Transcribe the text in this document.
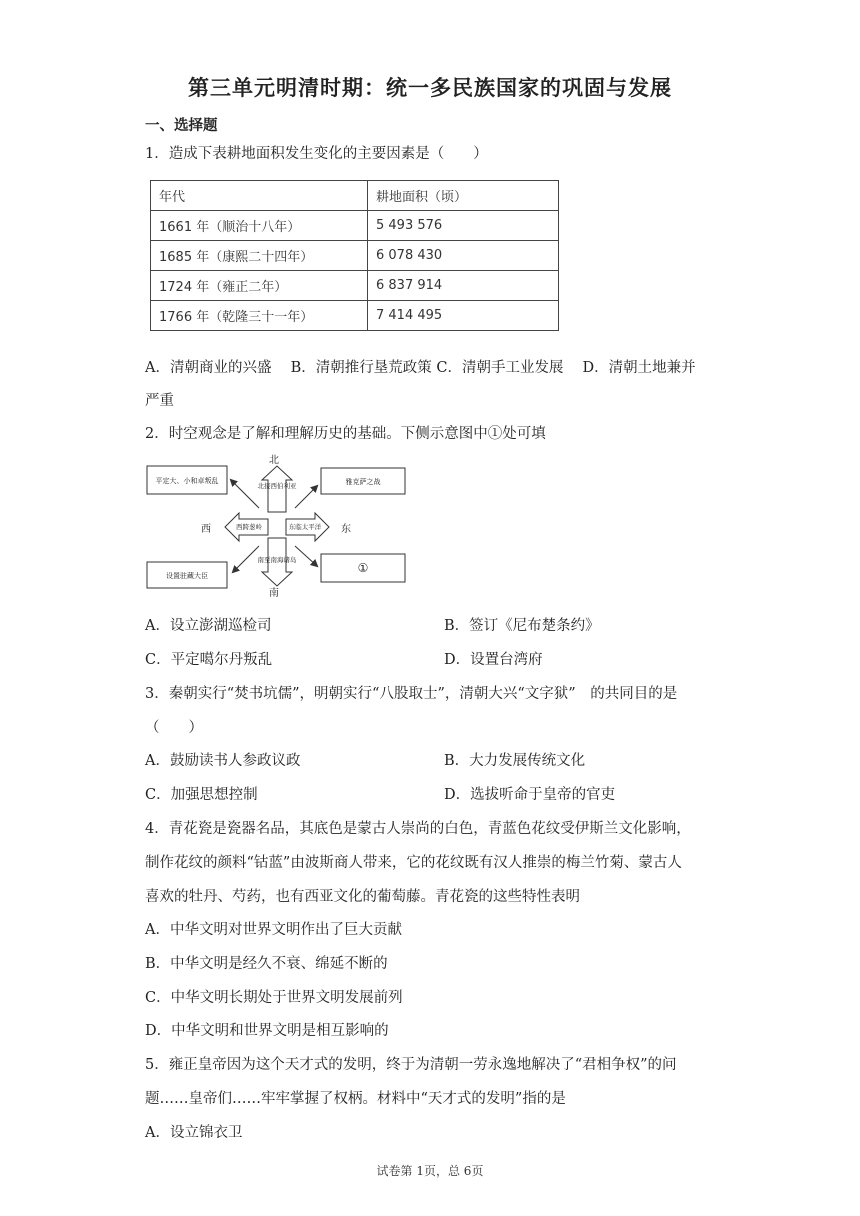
第三单元明清时期：统一多民族国家的巩固与发展
一、选择题
1．造成下表耕地面积发生变化的主要因素是（　　）
年代	耕地面积（顷）
1661 年（顺治十八年）	5 493 576
1685 年（康熙二十四年）	6 078 430
1724 年（雍正二年）	6 837 914
1766 年（乾隆三十一年）	7 414 495
A．清朝商业的兴盛　 B．清朝推行垦荒政策 C．清朝手工业发展　 D．清朝土地兼并
严重
2．时空观念是了解和理解历史的基础。下侧示意图中①处可填
北
南
西	东
北接西伯利亚
西跨葱岭	东临太平洋
南至南海诸岛
平定大、小和卓叛乱	雅克萨之战
设置驻藏大臣
①
A．设立澎湖巡检司	B．签订《尼布楚条约》
C．平定噶尔丹叛乱	D．设置台湾府
3．秦朝实行“焚书坑儒”，明朝实行“八股取士”，清朝大兴“文字狱”　的共同目的是
（　　）
A．鼓励读书人参政议政	B．大力发展传统文化
C．加强思想控制	D．选拔听命于皇帝的官吏
4．青花瓷是瓷器名品，其底色是蒙古人崇尚的白色，青蓝色花纹受伊斯兰文化影响，
制作花纹的颜料“钴蓝”由波斯商人带来，它的花纹既有汉人推崇的梅兰竹菊、蒙古人
喜欢的牡丹、芍药，也有西亚文化的葡萄藤。青花瓷的这些特性表明
A．中华文明对世界文明作出了巨大贡献
B．中华文明是经久不衰、绵延不断的
C．中华文明长期处于世界文明发展前列
D．中华文明和世界文明是相互影响的
5．雍正皇帝因为这个天才式的发明，终于为清朝一劳永逸地解决了“君相争权”的问
题……皇帝们……牢牢掌握了权柄。材料中“天才式的发明”指的是
A．设立锦衣卫
试卷第 1页，总 6页
